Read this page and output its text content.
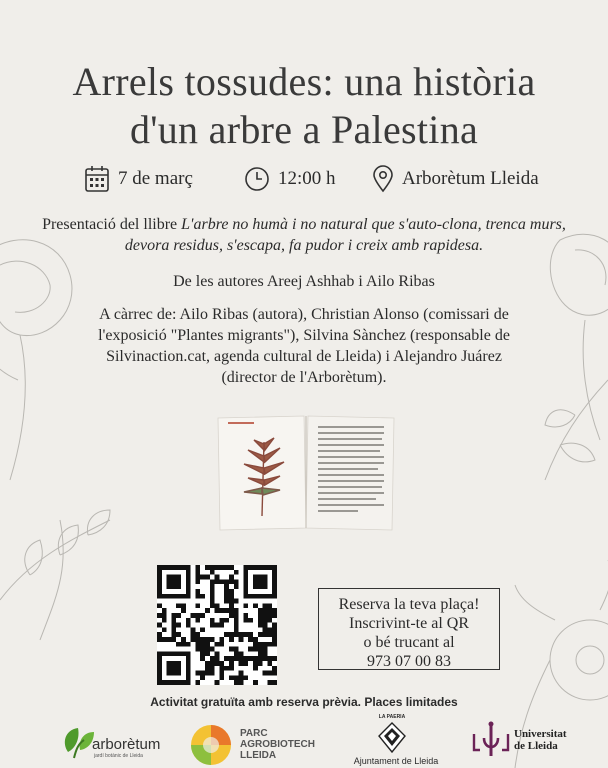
Arrels tossudes: una història
d'un arbre a Palestina
7 de març	12:00 h	Arborètum Lleida

Presentació del llibre L'arbre no humà i no natural que s'auto-clona, trenca murs,
devora residus, s'escapa, fa pudor i creix amb rapidesa.

De les autores Areej Ashhab i Ailo Ribas

A càrrec de: Ailo Ribas (autora), Christian Alonso (comissari de
l'exposició "Plantes migrants"), Silvina Sànchez (responsable de
Silvinaction.cat, agenda cultural de Lleida) i Alejandro Juárez
(director de l'Arborètum).

Reserva la teva plaça!
Inscrivint-te al QR
o bé trucant al
973 07 00 83
Activitat gratuïta amb reserva prèvia. Places limitades
arborètum
jardí botànic de Lleida
PARC
AGROBIOTECH
LLEIDA
LA PAERIA
Ajuntament de Lleida
Universitat
de Lleida
